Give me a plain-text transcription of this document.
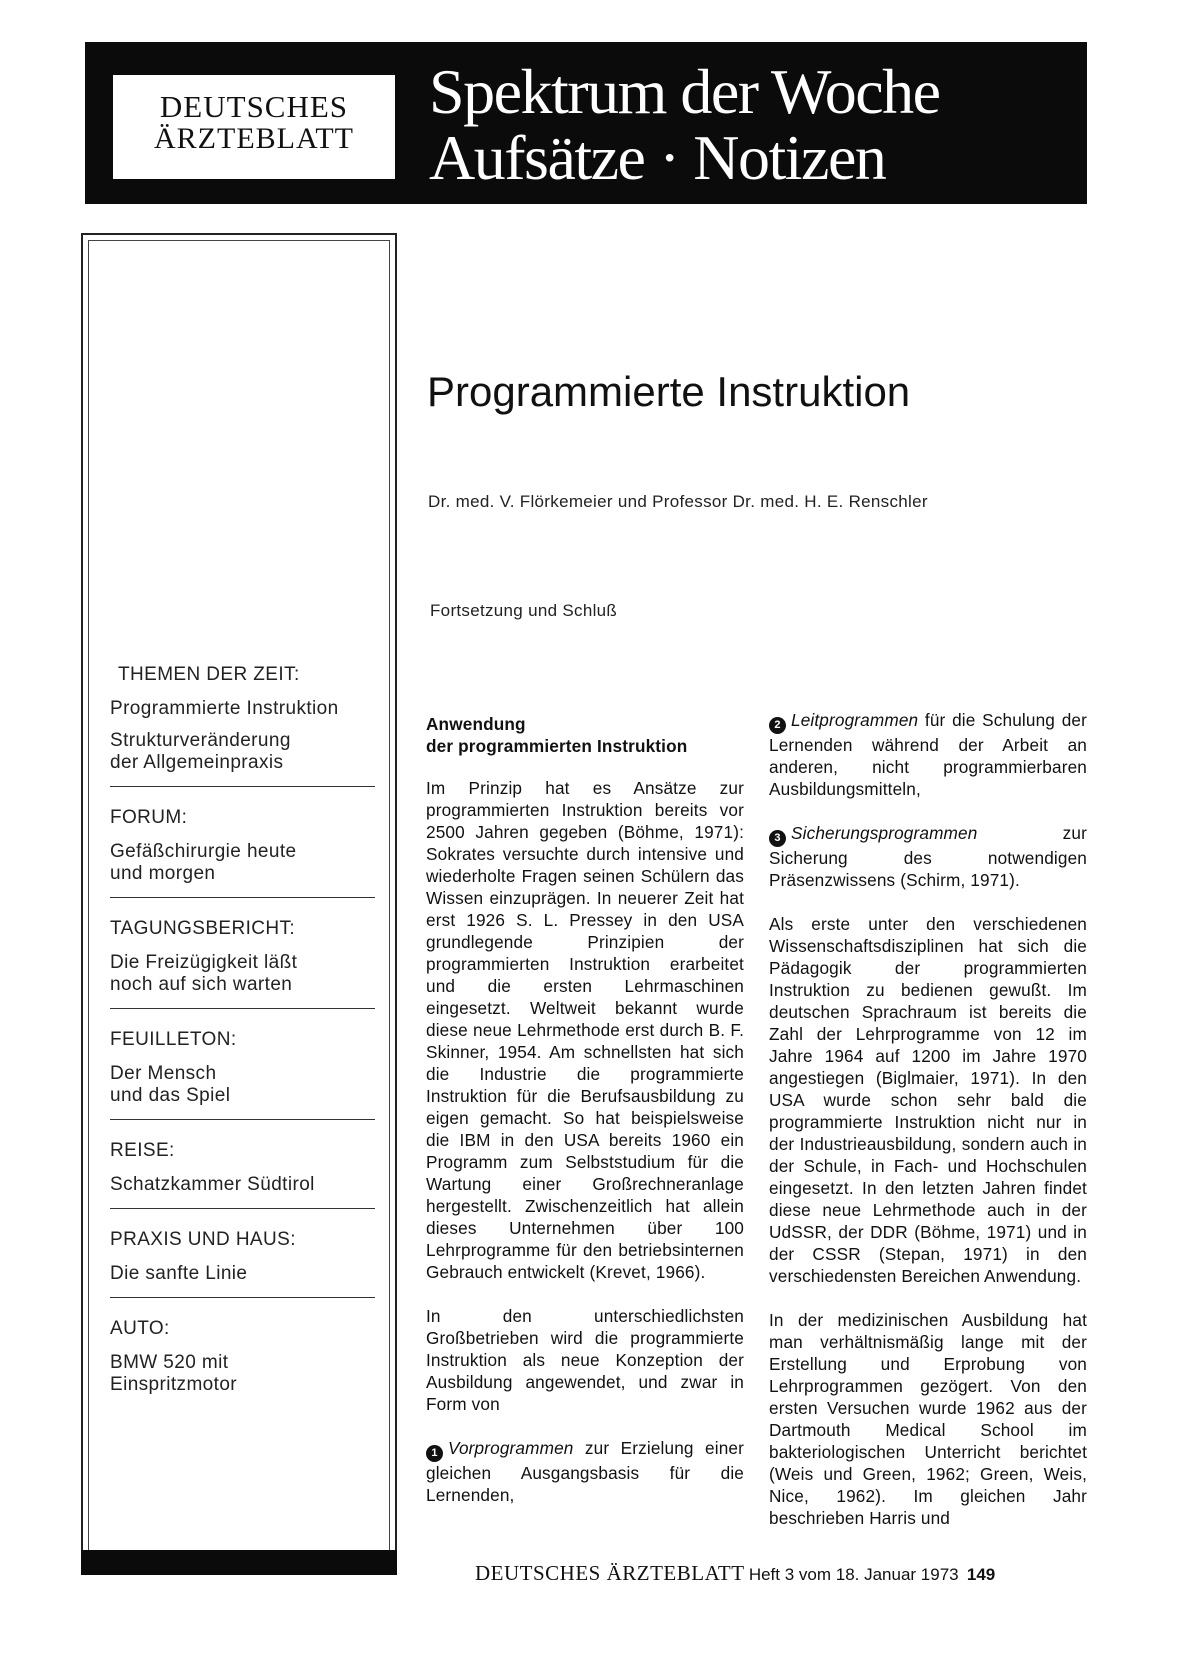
DEUTSCHES
ÄRZTEBLATT
Spektrum der Woche
Aufsätze · Notizen
THEMEN DER ZEIT:
Programmierte Instruktion
Strukturveränderung der Allgemeinpraxis
FORUM:
Gefäßchirurgie heute und morgen
TAGUNGSBERICHT:
Die Freizügigkeit läßt noch auf sich warten
FEUILLETON:
Der Mensch und das Spiel
REISE:
Schatzkammer Südtirol
PRAXIS UND HAUS:
Die sanfte Linie
AUTO:
BMW 520 mit Einspritzmotor
Programmierte Instruktion
Dr. med. V. Flörkemeier und Professor Dr. med. H. E. Renschler
Fortsetzung und Schluß
Anwendung
der programmierten Instruktion

Im Prinzip hat es Ansätze zur programmierten Instruktion bereits vor 2500 Jahren gegeben (Böhme, 1971): Sokrates versuchte durch intensive und wiederholte Fragen seinen Schülern das Wissen einzuprägen. In neuerer Zeit hat erst 1926 S. L. Pressey in den USA grundlegende Prinzipien der programmierten Instruktion erarbeitet und die ersten Lehrmaschinen eingesetzt. Weltweit bekannt wurde diese neue Lehrmethode erst durch B. F. Skinner, 1954. Am schnellsten hat sich die Industrie die programmierte Instruktion für die Berufsausbildung zu eigen gemacht. So hat beispielsweise die IBM in den USA bereits 1960 ein Programm zum Selbststudium für die Wartung einer Großrechneranlage hergestellt. Zwischenzeitlich hat allein dieses Unternehmen über 100 Lehrprogramme für den betriebsinternen Gebrauch entwickelt (Krevet, 1966).

In den unterschiedlichsten Großbetrieben wird die programmierte Instruktion als neue Konzeption der Ausbildung angewendet, und zwar in Form von

1 Vorprogrammen zur Erzielung einer gleichen Ausgangsbasis für die Lernenden,

2 Leitprogrammen für die Schulung der Lernenden während der Arbeit an anderen, nicht programmierbaren Ausbildungsmitteln,

3 Sicherungsprogrammen	zur Sicherung des notwendigen Präsenzwissens (Schirm, 1971).

Als erste unter den verschiedenen Wissenschaftsdisziplinen hat sich die Pädagogik der programmierten Instruktion zu bedienen gewußt. Im deutschen Sprachraum ist bereits die Zahl der Lehrprogramme von 12 im Jahre 1964 auf 1200 im Jahre 1970 angestiegen (Biglmaier, 1971). In den USA wurde schon sehr bald die programmierte Instruktion nicht nur in der Industrieausbildung, sondern auch in der Schule, in Fach- und Hochschulen eingesetzt. In den letzten Jahren findet diese neue Lehrmethode auch in der UdSSR, der DDR (Böhme, 1971) und in der CSSR (Stepan, 1971) in den verschiedensten Bereichen Anwendung.

In der medizinischen Ausbildung hat man verhältnismäßig lange mit der Erstellung und Erprobung von Lehrprogrammen gezögert. Von den ersten Versuchen wurde 1962 aus der Dartmouth Medical School im bakteriologischen Unterricht berichtet (Weis und Green, 1962; Green, Weis, Nice, 1962). Im gleichen Jahr beschrieben Harris und

DEUTSCHES ÄRZTEBLATT Heft 3 vom 18. Januar 1973 149
